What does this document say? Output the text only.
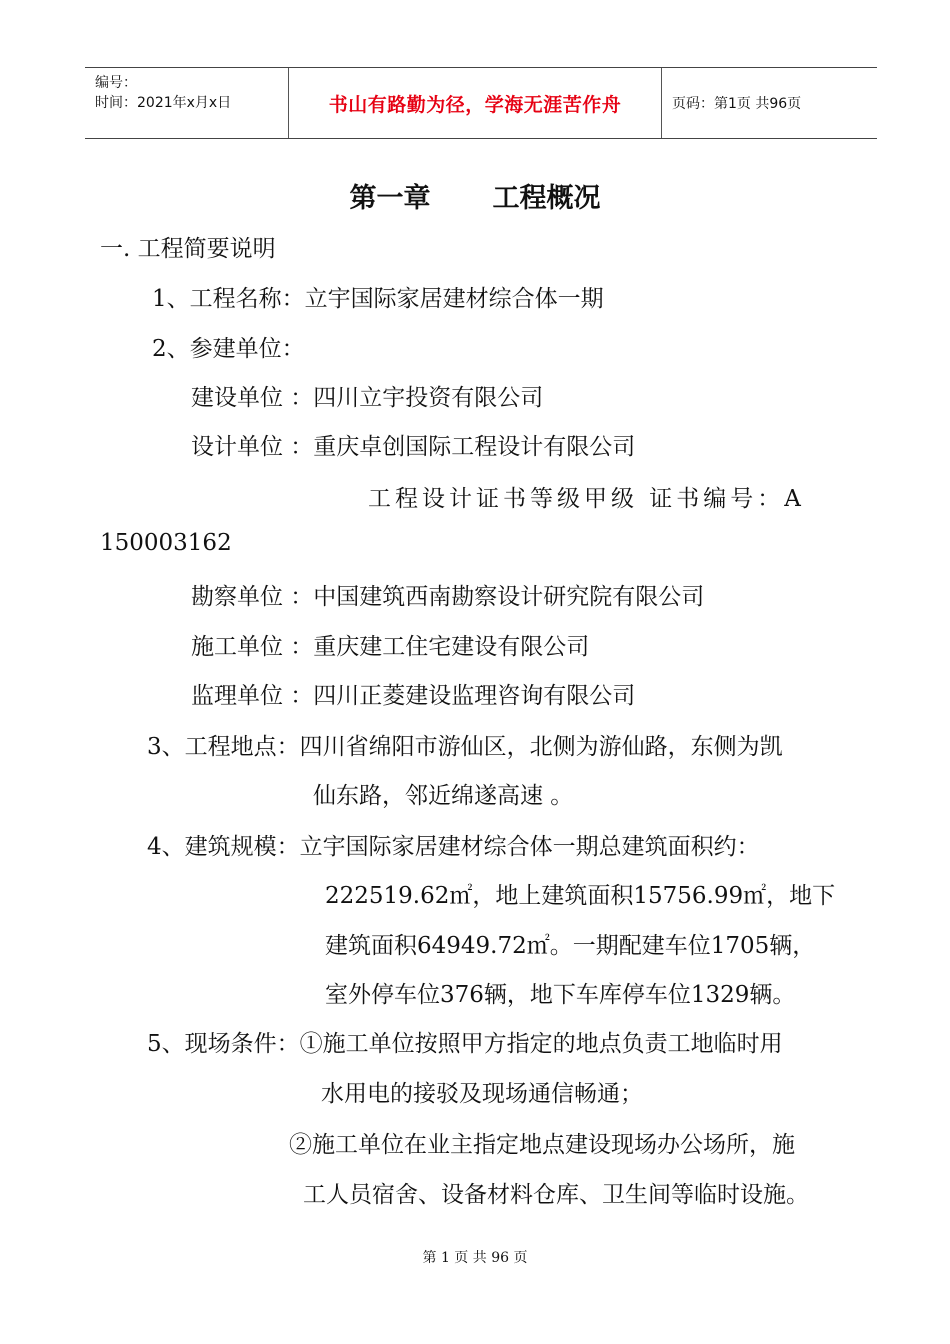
编号：
时间：2021年x月x日	书山有路勤为径，学海无涯苦作舟	页码：第1页 共96页
第一章 工程概况
一. 工程简要说明
1、工程名称：立宇国际家居建材综合体一期
2、参建单位：
建设单位 ：四川立宇投资有限公司
设计单位 ：重庆卓创国际工程设计有限公司
工程设计证书等级甲级 证书编号：A
150003162
勘察单位 ：中国建筑西南勘察设计研究院有限公司
施工单位 ：重庆建工住宅建设有限公司
监理单位 ：四川正菱建设监理咨询有限公司
3、工程地点：四川省绵阳市游仙区，北侧为游仙路，东侧为凯
仙东路，邻近绵遂高速 。
4、建筑规模：立宇国际家居建材综合体一期总建筑面积约：
222519.62㎡，地上建筑面积15756.99㎡，地下
建筑面积64949.72㎡。一期配建车位1705辆，
室外停车位376辆，地下车库停车位1329辆。
5、现场条件：①施工单位按照甲方指定的地点负责工地临时用
水用电的接驳及现场通信畅通；
②施工单位在业主指定地点建设现场办公场所，施
工人员宿舍、设备材料仓库、卫生间等临时设施。
第 1 页 共 96 页
